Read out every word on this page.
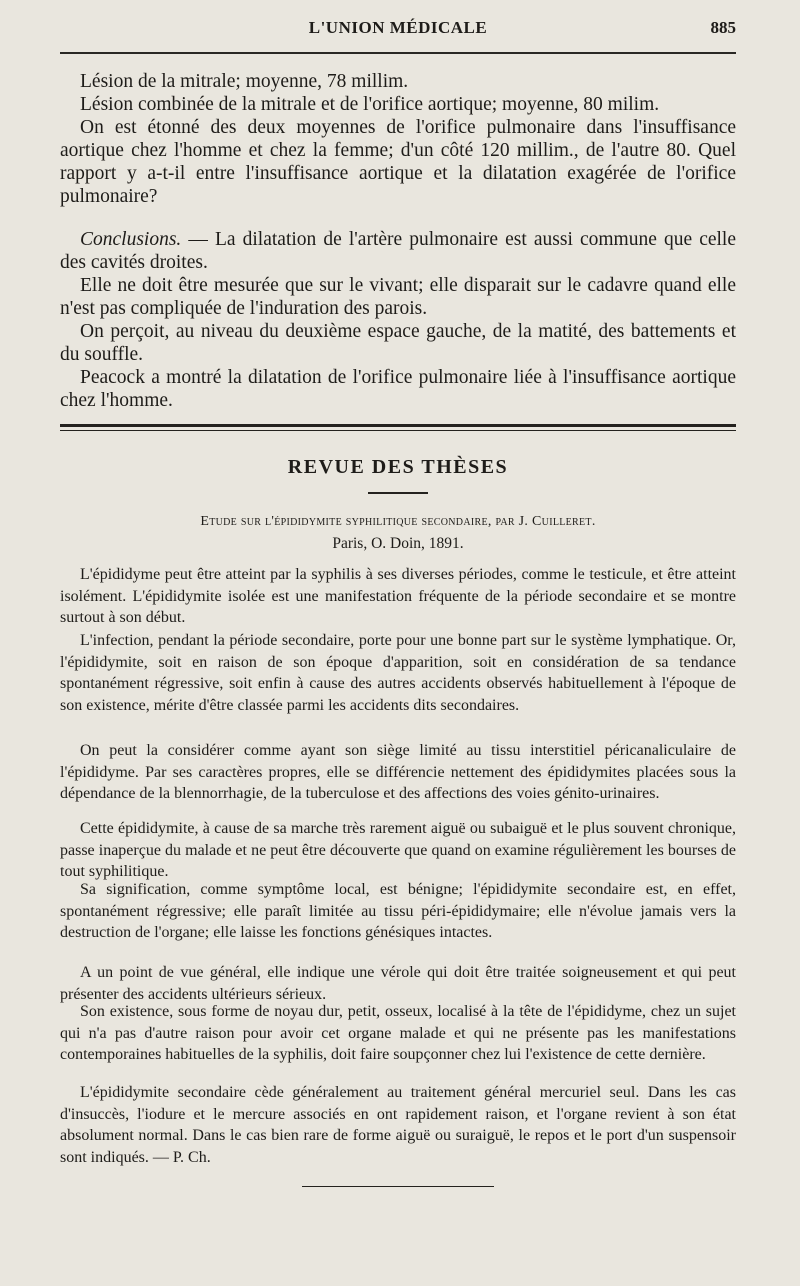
L'UNION MÉDICALE	885

Lésion de la mitrale; moyenne, 78 millim.

Lésion combinée de la mitrale et de l'orifice aortique; moyenne, 80 milim.

On est étonné des deux moyennes de l'orifice pulmonaire dans l'insuffisance aortique chez l'homme et chez la femme; d'un côté 120 millim., de l'autre 80. Quel rapport y a-t-il entre l'insuffisance aortique et la dilatation exagérée de l'orifice pulmonaire?

Conclusions. — La dilatation de l'artère pulmonaire est aussi commune que celle des cavités droites.

Elle ne doit être mesurée que sur le vivant; elle disparait sur le cadavre quand elle n'est pas compliquée de l'induration des parois.

On perçoit, au niveau du deuxième espace gauche, de la matité, des battements et du souffle.

Peacock a montré la dilatation de l'orifice pulmonaire liée à l'insuffisance aortique chez l'homme.

REVUE DES THÈSES
Etude sur l'épididymite syphilitique secondaire, par J. Cuilleret.
Paris, O. Doin, 1891.

L'épididyme peut être atteint par la syphilis à ses diverses périodes, comme le testicule, et être atteint isolément. L'épididymite isolée est une manifestation fréquente de la période secondaire et se montre surtout à son début.

L'infection, pendant la période secondaire, porte pour une bonne part sur le système lymphatique. Or, l'épididymite, soit en raison de son époque d'apparition, soit en considération de sa tendance spontanément régressive, soit enfin à cause des autres accidents observés habituellement à l'époque de son existence, mérite d'être classée parmi les accidents dits secondaires.

On peut la considérer comme ayant son siège limité au tissu interstitiel péricanaliculaire de l'épididyme. Par ses caractères propres, elle se différencie nettement des épididymites placées sous la dépendance de la blennorrhagie, de la tuberculose et des affections des voies génito-urinaires.

Cette épididymite, à cause de sa marche très rarement aiguë ou subaiguë et le plus souvent chronique, passe inaperçue du malade et ne peut être découverte que quand on examine régulièrement les bourses de tout syphilitique.

Sa signification, comme symptôme local, est bénigne; l'épididymite secondaire est, en effet, spontanément régressive; elle paraît limitée au tissu péri-épididymaire; elle n'évolue jamais vers la destruction de l'organe; elle laisse les fonctions génésiques intactes.

A un point de vue général, elle indique une vérole qui doit être traitée soigneusement et qui peut présenter des accidents ultérieurs sérieux.

Son existence, sous forme de noyau dur, petit, osseux, localisé à la tête de l'épididyme, chez un sujet qui n'a pas d'autre raison pour avoir cet organe malade et qui ne présente pas les manifestations contemporaines habituelles de la syphilis, doit faire soupçonner chez lui l'existence de cette dernière.

L'épididymite secondaire cède généralement au traitement général mercuriel seul. Dans les cas d'insuccès, l'iodure et le mercure associés en ont rapidement raison, et l'organe revient à son état absolument normal. Dans le cas bien rare de forme aiguë ou suraiguë, le repos et le port d'un suspensoir sont indiqués. — P. Ch.
